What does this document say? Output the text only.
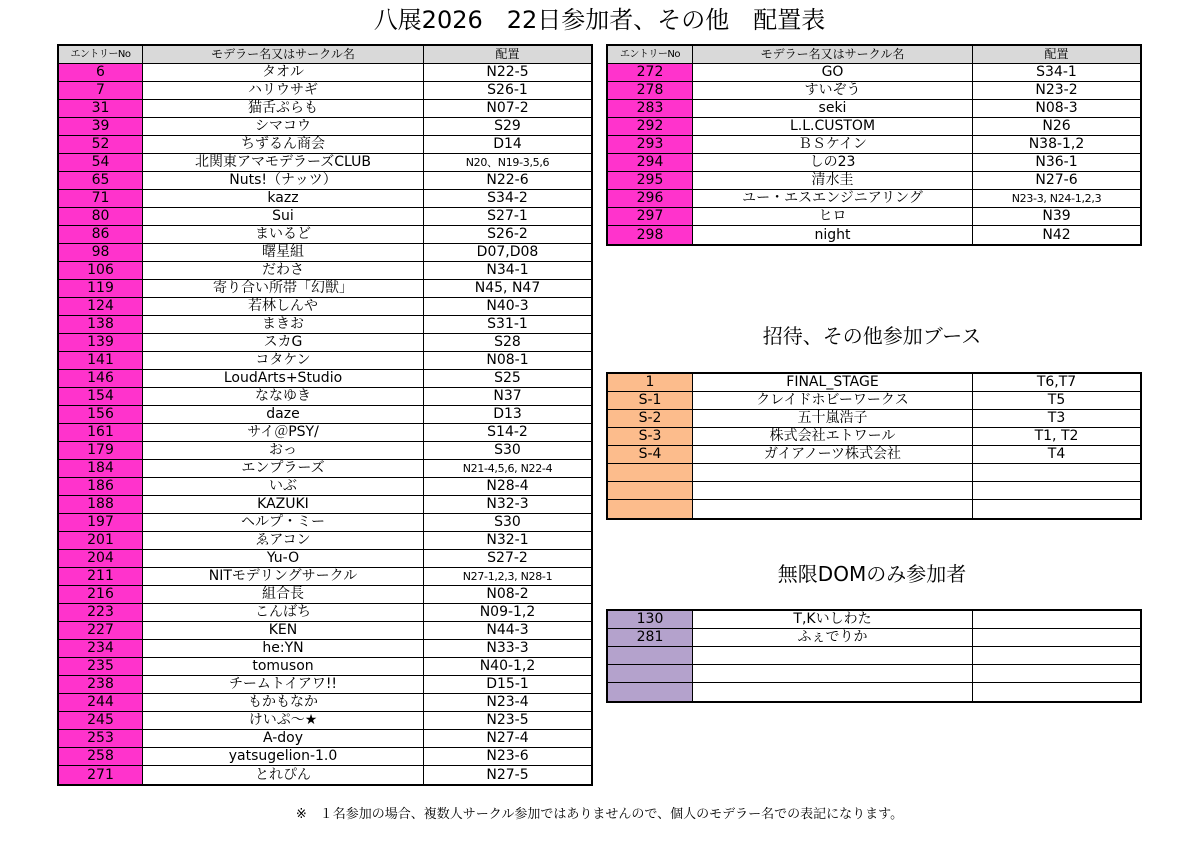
八展2026　22日参加者、その他　配置表
エントリーNo	モデラー名又はサークル名	配置
6	タオル	N22-5
7	ハリウサギ	S26-1
31	猫舌ぷらも	N07-2
39	シマコウ	S29
52	ちずるん商会	D14
54	北関東アマモデラーズCLUB	N20、N19-3,5,6
65	Nuts!（ナッツ）	N22-6
71	kazz	S34-2
80	Sui	S27-1
86	まいるど	S26-2
98	曙星組	D07,D08
106	だわさ	N34-1
119	寄り合い所帯「幻獣」	N45, N47
124	若林しんや	N40-3
138	まきお	S31-1
139	スカG	S28
141	コタケン	N08-1
146	LoudArts+Studio	S25
154	ななゆき	N37
156	daze	D13
161	サイ＠PSY/	S14-2
179	おっ	S30
184	エンプラーズ	N21-4,5,6, N22-4
186	いぶ	N28-4
188	KAZUKI	N32-3
197	ヘルプ・ミー	S30
201	ゑアコン	N32-1
204	Yu-O	S27-2
211	NITモデリングサークル	N27-1,2,3, N28-1
216	組合長	N08-2
223	こんばち	N09-1,2
227	KEN	N44-3
234	he:YN	N33-3
235	tomuson	N40-1,2
238	チームトイアワ!!	D15-1
244	もかもなか	N23-4
245	けいぷ〜★	N23-5
253	A-doy	N27-4
258	yatsugelion-1.0	N23-6
271	とれぴん	N27-5
エントリーNo	モデラー名又はサークル名	配置
272	GO	S34-1
278	すいぞう	N23-2
283	seki	N08-3
292	L.L.CUSTOM	N26
293	ＢＳケイン	N38-1,2
294	しの23	N36-1
295	清水圭	N27-6
296	ユー・エスエンジニアリング	N23-3, N24-1,2,3
297	ヒロ	N39
298	night	N42
招待、その他参加ブース
1	FINAL_STAGE	T6,T7
S-1	クレイドホビーワークス	T5
S-2	五十嵐浩子	T3
S-3	株式会社エトワール	T1, T2
S-4	ガイアノーツ株式会社	T4
無限DOMのみ参加者
130	T,Kいしわた
281	ふぇでりか
※　１名参加の場合、複数人サークル参加ではありませんので、個人のモデラー名での表記になります。
